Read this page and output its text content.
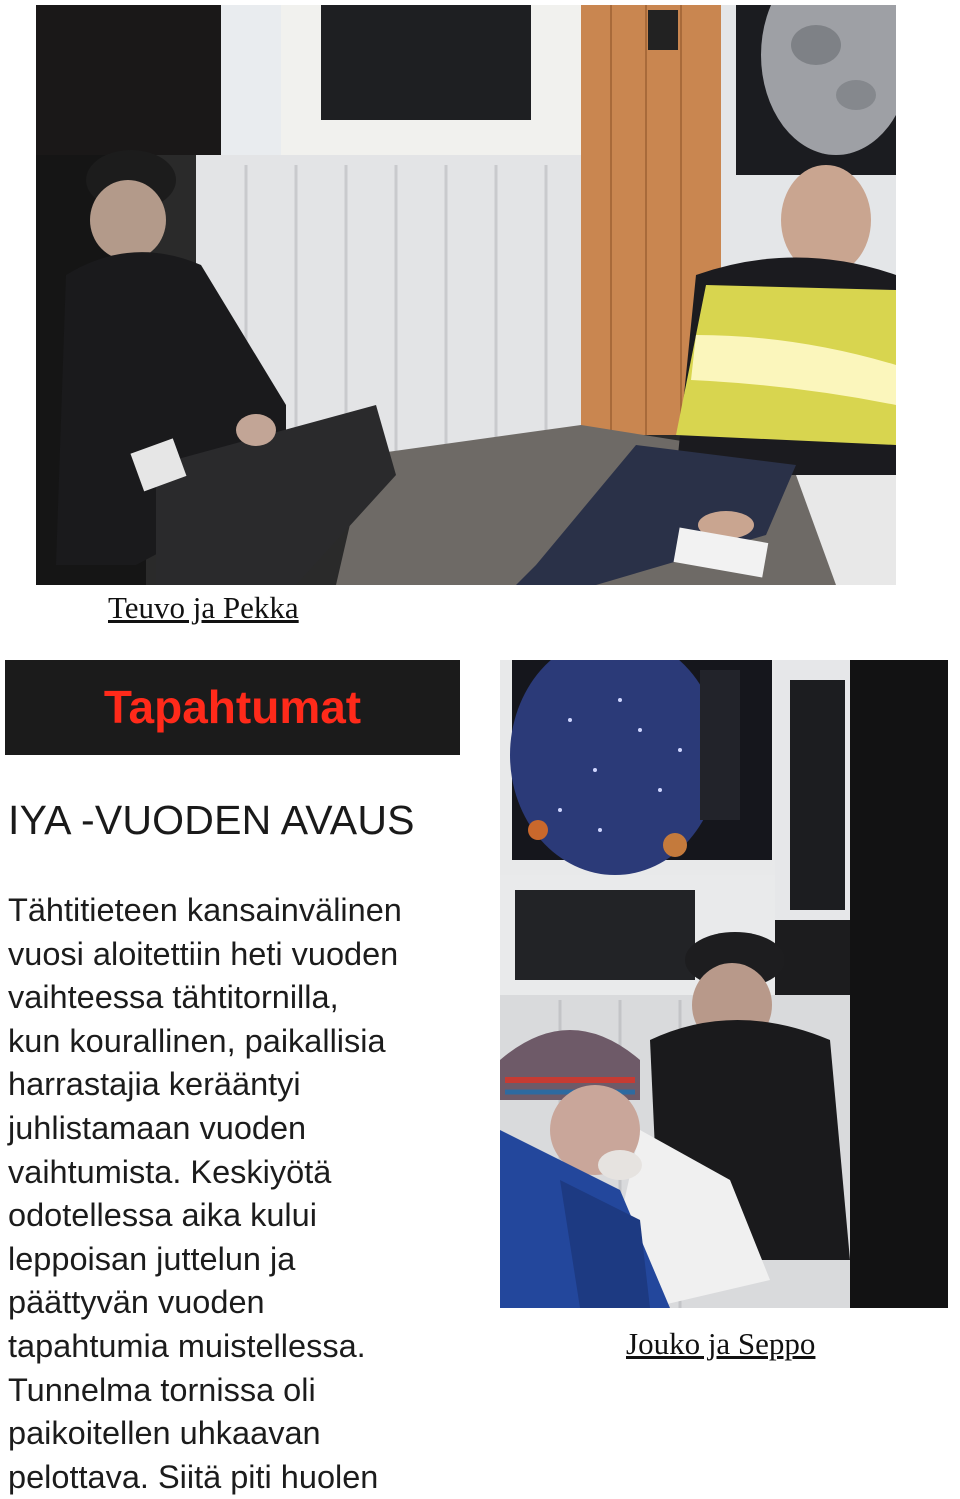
Teuvo ja Pekka
Tapahtumat
IYA -VUODEN AVAUS

Tähtitieteen kansainvälinen
vuosi aloitettiin heti vuoden
vaihteessa tähtitornilla,
kun kourallinen, paikallisia
harrastajia kerääntyi
juhlistamaan vuoden
vaihtumista. Keskiyötä
odotellessa aika kului
leppoisan juttelun ja
päättyvän vuoden
tapahtumia muistellessa.
Tunnelma tornissa oli
paikoitellen uhkaavan
pelottava. Siitä piti huolen

Jouko ja Seppo
